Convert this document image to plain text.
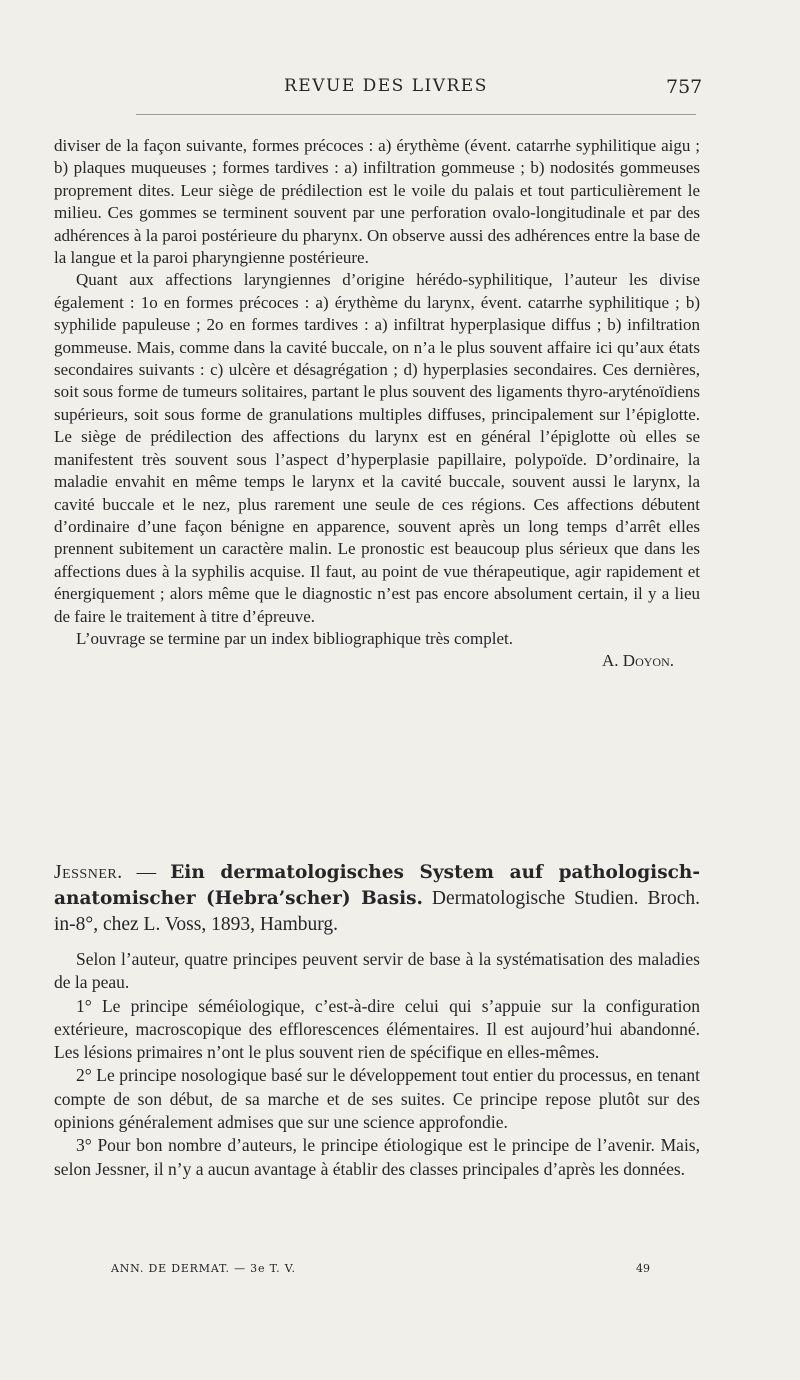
REVUE DES LIVRES	757

diviser de la façon suivante, formes précoces : a) érythème (évent. catarrhe syphilitique aigu ; b) plaques muqueuses ; formes tardives : a) infiltration gommeuse ; b) nodosités gommeuses proprement dites. Leur siège de prédilection est le voile du palais et tout particulièrement le milieu. Ces gommes se terminent souvent par une perforation ovalo-longitudinale et par des adhérences à la paroi postérieure du pharynx. On observe aussi des adhérences entre la base de la langue et la paroi pharyngienne postérieure.

Quant aux affections laryngiennes d’origine hérédo-syphilitique, l’auteur les divise également : 1o en formes précoces : a) érythème du larynx, évent. catarrhe syphilitique ; b) syphilide papuleuse ; 2o en formes tardives : a) infiltrat hyperplasique diffus ; b) infiltration gommeuse. Mais, comme dans la cavité buccale, on n’a le plus souvent affaire ici qu’aux états secondaires suivants : c) ulcère et désagrégation ; d) hyperplasies secondaires. Ces dernières, soit sous forme de tumeurs solitaires, partant le plus souvent des ligaments thyro-aryténoïdiens supérieurs, soit sous forme de granulations multiples diffuses, principalement sur l’épiglotte. Le siège de prédilection des affections du larynx est en général l’épiglotte où elles se manifestent très souvent sous l’aspect d’hyperplasie papillaire, polypoïde. D’ordinaire, la maladie envahit en même temps le larynx et la cavité buccale, souvent aussi le larynx, la cavité buccale et le nez, plus rarement une seule de ces régions. Ces affections débutent d’ordinaire d’une façon bénigne en apparence, souvent après un long temps d’arrêt elles prennent subitement un caractère malin. Le pronostic est beaucoup plus sérieux que dans les affections dues à la syphilis acquise. Il faut, au point de vue thérapeutique, agir rapidement et énergiquement ; alors même que le diagnostic n’est pas encore absolument certain, il y a lieu de faire le traitement à titre d’épreuve.

L’ouvrage se termine par un index bibliographique très complet.

A. Doyon.

Jessner. — Ein dermatologisches System auf pathologisch-anatomischer (Hebra’scher) Basis. Dermatologische Studien. Broch. in-8°, chez L. Voss, 1893, Hamburg.

Selon l’auteur, quatre principes peuvent servir de base à la systématisation des maladies de la peau.

1° Le principe séméiologique, c’est-à-dire celui qui s’appuie sur la configuration extérieure, macroscopique des efflorescences élémentaires. Il est aujourd’hui abandonné. Les lésions primaires n’ont le plus souvent rien de spécifique en elles-mêmes.

2° Le principe nosologique basé sur le développement tout entier du processus, en tenant compte de son début, de sa marche et de ses suites. Ce principe repose plutôt sur des opinions généralement admises que sur une science approfondie.

3° Pour bon nombre d’auteurs, le principe étiologique est le principe de l’avenir. Mais, selon Jessner, il n’y a aucun avantage à établir des classes principales d’après les données.

ANN. DE DERMAT. — 3e T. V.	49
